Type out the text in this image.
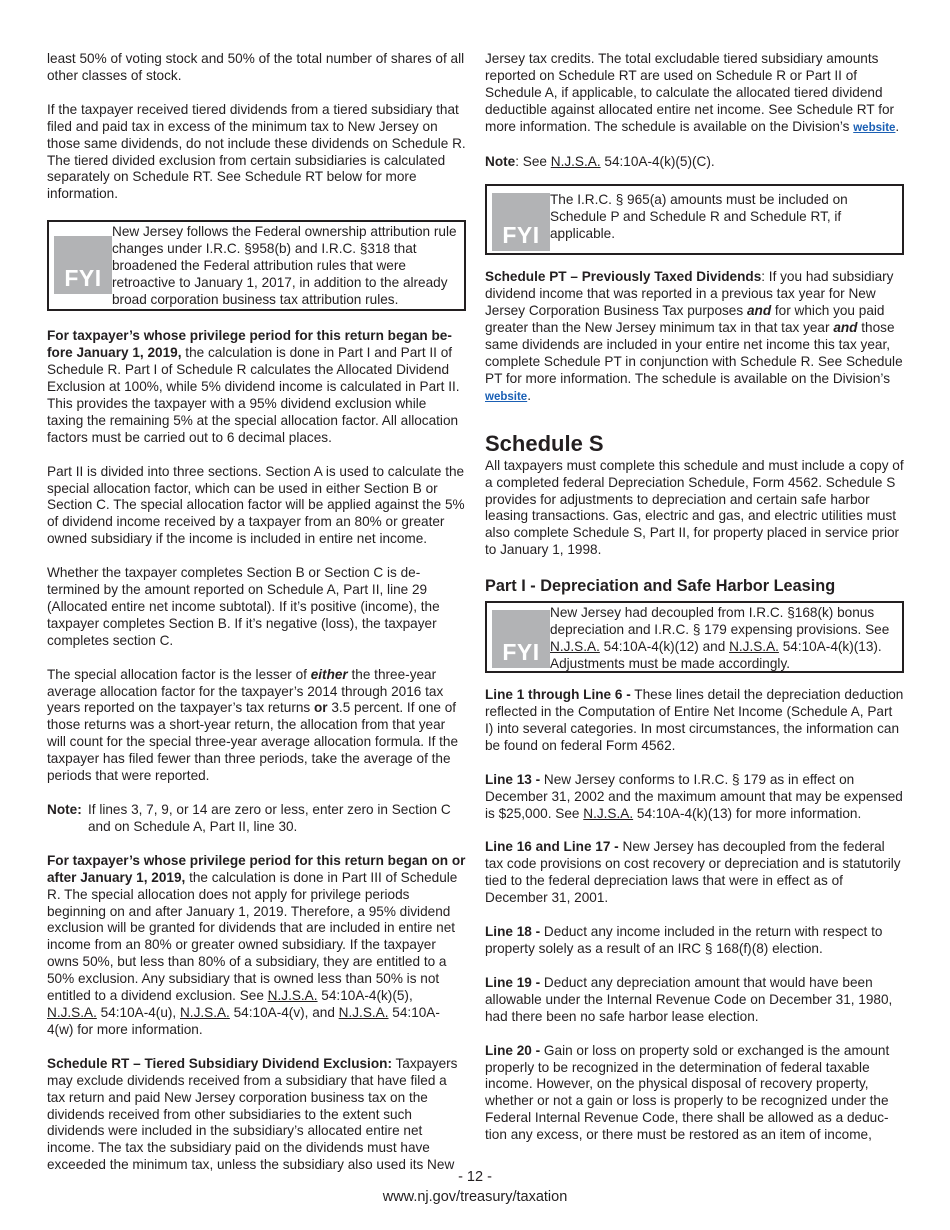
least 50% of voting stock and 50% of the total number of shares of all other classes of stock.

If the taxpayer received tiered dividends from a tiered subsidiary that filed and paid tax in excess of the minimum tax to New Jersey on those same dividends, do not include these dividends on Schedule R. The tiered divided exclusion from certain subsidiaries is calculated separately on Schedule RT. See Schedule RT below for more information.

FYI
New Jersey follows the Federal ownership attribution rule changes under I.R.C. §958(b) and I.R.C. §318 that broadened the Federal attribution rules that were retroactive to January 1, 2017, in addition to the already broad corporation business tax attribution rules.

For taxpayer’s whose privilege period for this return began before January 1, 2019, the calculation is done in Part I and Part II of Schedule R. Part I of Schedule R calculates the Allocated Dividend Exclusion at 100%, while 5% dividend income is calculated in Part II. This provides the taxpayer with a 95% dividend exclusion while taxing the remaining 5% at the special allocation factor. All allocation factors must be carried out to 6 decimal places.

Part II is divided into three sections. Section A is used to calculate the special allocation factor, which can be used in either Section B or Section C. The special allocation factor will be applied against the 5% of dividend income received by a taxpayer from an 80% or greater owned subsidiary if the income is included in entire net income.

Whether the taxpayer completes Section B or Section C is determined by the amount reported on Schedule A, Part II, line 29 (Allocated entire net income subtotal). If it’s positive (income), the taxpayer completes Section B. If it’s negative (loss), the taxpayer completes section C.

The special allocation factor is the lesser of either the three-year average allocation factor for the taxpayer’s 2014 through 2016 tax years reported on the taxpayer’s tax returns or 3.5 percent. If one of those returns was a short-year return, the allocation from that year will count for the special three-year average allocation formula. If the taxpayer has filed fewer than three periods, take the average of the periods that were reported.

Note: If lines 3, 7, 9, or 14 are zero or less, enter zero in Section C and on Schedule A, Part II, line 30.

For taxpayer’s whose privilege period for this return began on or after January 1, 2019, the calculation is done in Part III of Schedule R. The special allocation does not apply for privilege periods beginning on and after January 1, 2019. Therefore, a 95% dividend exclusion will be granted for dividends that are included in entire net income from an 80% or greater owned subsidiary. If the taxpayer owns 50%, but less than 80% of a subsidiary, they are entitled to a 50% exclusion. Any subsidiary that is owned less than 50% is not entitled to a dividend exclusion. See N.J.S.A. 54:10A-4(k)(5), N.J.S.A. 54:10A-4(u), N.J.S.A. 54:10A-4(v), and N.J.S.A. 54:10A-4(w) for more information.

Schedule RT – Tiered Subsidiary Dividend Exclusion: Taxpayers may exclude dividends received from a subsidiary that have filed a tax return and paid New Jersey corporation business tax on the dividends received from other subsidiaries to the extent such dividends were included in the subsidiary’s allocated entire net income. The tax the subsidiary paid on the dividends must have exceeded the minimum tax, unless the subsidiary also used its New

Jersey tax credits. The total excludable tiered subsidiary amounts reported on Schedule RT are used on Schedule R or Part II of Schedule A, if applicable, to calculate the allocated tiered dividend deductible against allocated entire net income. See Schedule RT for more information. The schedule is available on the Division’s website.

Note: See N.J.S.A. 54:10A-4(k)(5)(C).

FYI
The I.R.C. § 965(a) amounts must be included on Schedule P and Schedule R and Schedule RT, if applicable.

Schedule PT – Previously Taxed Dividends: If you had subsidiary dividend income that was reported in a previous tax year for New Jersey Corporation Business Tax purposes and for which you paid greater than the New Jersey minimum tax in that tax year and those same dividends are included in your entire net income this tax year, complete Schedule PT in conjunction with Schedule R. See Schedule PT for more information. The schedule is available on the Division’s website.

Schedule S

All taxpayers must complete this schedule and must include a copy of a completed federal Depreciation Schedule, Form 4562. Schedule S provides for adjustments to depreciation and certain safe harbor leasing transactions. Gas, electric and gas, and electric utilities must also complete Schedule S, Part II, for property placed in service prior to January 1, 1998.

Part I - Depreciation and Safe Harbor Leasing
FYI
New Jersey had decoupled from I.R.C. §168(k) bonus depreciation and I.R.C. § 179 expensing provisions. See N.J.S.A. 54:10A-4(k)(12) and N.J.S.A. 54:10A-4(k)(13). Adjustments must be made accordingly.

Line 1 through Line 6 - These lines detail the depreciation deduction reflected in the Computation of Entire Net Income (Schedule A, Part I) into several categories. In most circumstances, the information can be found on federal Form 4562.

Line 13 - New Jersey conforms to I.R.C. § 179 as in effect on December 31, 2002 and the maximum amount that may be expensed is $25,000. See N.J.S.A. 54:10A-4(k)(13) for more information.

Line 16 and Line 17 - New Jersey has decoupled from the federal tax code provisions on cost recovery or depreciation and is statutorily tied to the federal depreciation laws that were in effect as of December 31, 2001.

Line 18 - Deduct any income included in the return with respect to property solely as a result of an IRC § 168(f)(8) election.

Line 19 - Deduct any depreciation amount that would have been allowable under the Internal Revenue Code on December 31, 1980, had there been no safe harbor lease election.

Line 20 - Gain or loss on property sold or exchanged is the amount properly to be recognized in the determination of federal taxable income. However, on the physical disposal of recovery property, whether or not a gain or loss is properly to be recognized under the Federal Internal Revenue Code, there shall be allowed as a deduction any excess, or there must be restored as an item of income,

- 12 -
www.nj.gov/treasury/taxation
